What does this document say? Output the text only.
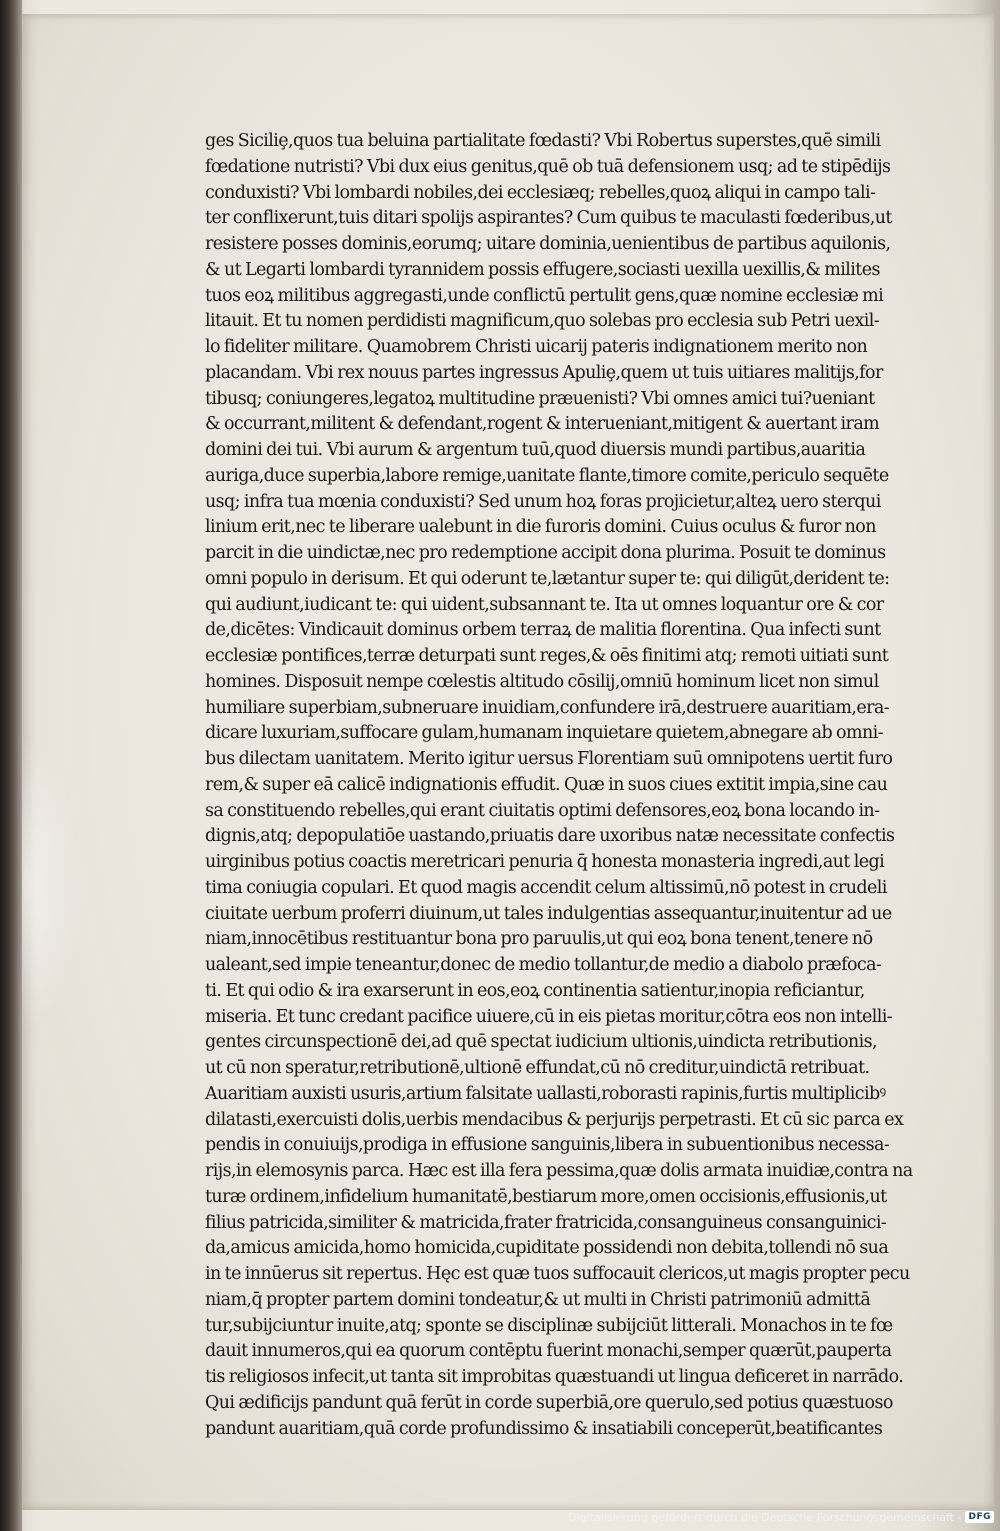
ges Siciliȩ,quos tua beluina partialitate fœdasti? Vbi Robertus superstes,quē simili
fœdatione nutristi? Vbi dux eius genitus,quē ob tuā defensionem usq; ad te stipēdijs
conduxisti? Vbi lombardi nobiles,dei ecclesiæq; rebelles,quoꝝ aliqui in campo tali-
ter conflixerunt,tuis ditari spolijs aspirantes? Cum quibus te maculasti fœderibus,ut
resistere posses dominis,eorumq; uitare dominia,uenientibus de partibus aquilonis,
& ut Legarti lombardi tyrannidem possis effugere,sociasti uexilla uexillis,& milites
tuos eoꝝ militibus aggregasti,unde conflictū pertulit gens,quæ nomine ecclesiæ mi
litauit. Et tu nomen perdidisti magnificum,quo solebas pro ecclesia sub Petri uexil-
lo fideliter militare. Quamobrem Christi uicarij pateris indignationem merito non
placandam. Vbi rex nouus partes ingressus Apuliȩ,quem ut tuis uitiares malitijs,for
tibusq; coniungeres,legatoꝝ multitudine præuenisti? Vbi omnes amici tui?ueniant
& occurrant,militent & defendant,rogent & interueniant,mitigent & auertant iram
domini dei tui. Vbi aurum & argentum tuū,quod diuersis mundi partibus,auaritia
auriga,duce superbia,labore remige,uanitate flante,timore comite,periculo sequēte
usq; infra tua mœnia conduxisti? Sed unum hoꝝ foras projicietur,alteꝝ uero sterqui
linium erit,nec te liberare ualebunt in die furoris domini. Cuius oculus & furor non
parcit in die uindictæ,nec pro redemptione accipit dona plurima. Posuit te dominus
omni populo in derisum. Et qui oderunt te,lætantur super te: qui diligūt,derident te:
qui audiunt,iudicant te: qui uident,subsannant te. Ita ut omnes loquantur ore & cor
de,dicētes: Vindicauit dominus orbem terraꝝ de malitia florentina. Qua infecti sunt
ecclesiæ pontifices,terræ deturpati sunt reges,& oēs finitimi atq; remoti uitiati sunt
homines. Disposuit nempe cœlestis altitudo cōsilij,omniū hominum licet non simul
humiliare superbiam,subneruare inuidiam,confundere irā,destruere auaritiam,era-
dicare luxuriam,suffocare gulam,humanam inquietare quietem,abnegare ab omni-
bus dilectam uanitatem. Merito igitur uersus Florentiam suū omnipotens uertit furo
rem,& super eā calicē indignationis effudit. Quæ in suos ciues extitit impia,sine cau
sa constituendo rebelles,qui erant ciuitatis optimi defensores,eoꝝ bona locando in-
dignis,atq; depopulatiōe uastando,priuatis dare uxoribus natæ necessitate confectis
uirginibus potius coactis meretricari penuria q̄ honesta monasteria ingredi,aut legi
tima coniugia copulari. Et quod magis accendit celum altissimū,nō potest in crudeli
ciuitate uerbum proferri diuinum,ut tales indulgentias assequantur,inuitentur ad ue
niam,innocētibus restituantur bona pro paruulis,ut qui eoꝝ bona tenent,tenere nō
ualeant,sed impie teneantur,donec de medio tollantur,de medio a diabolo præfoca-
ti. Et qui odio & ira exarserunt in eos,eoꝝ continentia satientur,inopia reficiantur,
miseria. Et tunc credant pacifice uiuere,cū in eis pietas moritur,cōtra eos non intelli-
gentes circunspectionē dei,ad quē spectat iudicium ultionis,uindicta retributionis,
ut cū non speratur,retributionē,ultionē effundat,cū nō creditur,uindictā retribuat.
Auaritiam auxisti usuris,artium falsitate uallasti,roborasti rapinis,furtis multiplicibꝰ
dilatasti,exercuisti dolis,uerbis mendacibus & perjurijs perpetrasti. Et cū sic parca ex
pendis in conuiuijs,prodiga in effusione sanguinis,libera in subuentionibus necessa-
rijs,in elemosynis parca. Hæc est illa fera pessima,quæ dolis armata inuidiæ,contra na
turæ ordinem,infidelium humanitatē,bestiarum more,omen occisionis,effusionis,ut
filius patricida,similiter & matricida,frater fratricida,consanguineus consanguinici-
da,amicus amicida,homo homicida,cupiditate possidendi non debita,tollendi nō sua
in te innūerus sit repertus. Hęc est quæ tuos suffocauit clericos,ut magis propter pecu
niam,q̄ propter partem domini tondeatur,& ut multi in Christi patrimoniū admittā
tur,subijciuntur inuite,atq; sponte se disciplinæ subijciūt litterali. Monachos in te fœ
dauit innumeros,qui ea quorum contēptu fuerint monachi,semper quærūt,pauperta
tis religiosos infecit,ut tanta sit improbitas quæstuandi ut lingua deficeret in narrādo.
Qui ædificijs pandunt quā ferūt in corde superbiā,ore querulo,sed potius quæstuoso
pandunt auaritiam,quā corde profundissimo & insatiabili conceperūt,beatificantes
Digitalisierung gefördert durch die Deutsche Forschungsgemeinschaft - DFG
